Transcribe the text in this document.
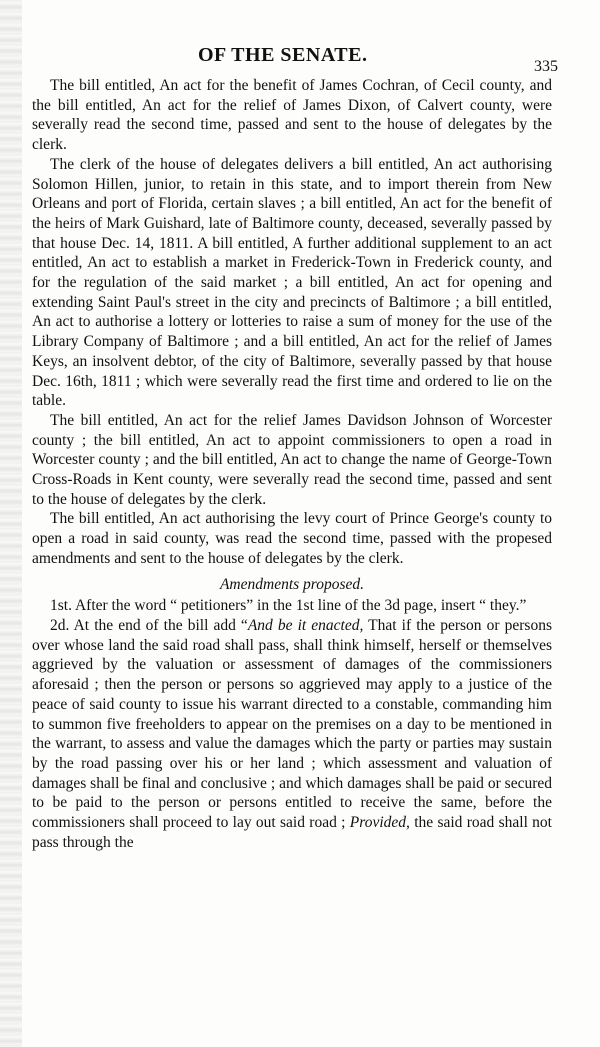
OF THE SENATE.
335

The bill entitled, An act for the benefit of James Cochran, of Cecil county, and the bill entitled, An act for the relief of James Dixon, of Calvert county, were severally read the second time, passed and sent to the house of delegates by the clerk.

The clerk of the house of delegates delivers a bill entitled, An act authorising Solomon Hillen, junior, to retain in this state, and to import therein from New Orleans and port of Florida, certain slaves ; a bill entitled, An act for the benefit of the heirs of Mark Guishard, late of Baltimore county, deceased, severally passed by that house Dec. 14, 1811. A bill entitled, A further additional supplement to an act entitled, An act to establish a market in Frederick-Town in Frederick county, and for the regulation of the said market ; a bill entitled, An act for opening and extending Saint Paul's street in the city and precincts of Baltimore ; a bill entitled, An act to authorise a lottery or lotteries to raise a sum of money for the use of the Library Company of Baltimore ; and a bill entitled, An act for the relief of James Keys, an insolvent debtor, of the city of Baltimore, severally passed by that house Dec. 16th, 1811 ; which were severally read the first time and ordered to lie on the table.

The bill entitled, An act for the relief James Davidson Johnson of Worcester county ; the bill entitled, An act to appoint commissioners to open a road in Worcester county ; and the bill entitled, An act to change the name of George-Town Cross-Roads in Kent county, were severally read the second time, passed and sent to the house of delegates by the clerk.

The bill entitled, An act authorising the levy court of Prince George's county to open a road in said county, was read the second time, passed with the propesed amendments and sent to the house of delegates by the clerk.

Amendments proposed.

1st. After the word “ petitioners” in the 1st line of the 3d page, insert “ they.”

2d. At the end of the bill add “And be it enacted, That if the person or persons over whose land the said road shall pass, shall think himself, herself or themselves aggrieved by the valuation or assessment of damages of the commissioners aforesaid ; then the person or persons so aggrieved may apply to a justice of the peace of said county to issue his warrant directed to a constable, commanding him to summon five freeholders to appear on the premises on a day to be mentioned in the warrant, to assess and value the damages which the party or parties may sustain by the road passing over his or her land ; which assessment and valuation of damages shall be final and conclusive ; and which damages shall be paid or secured to be paid to the person or persons entitled to receive the same, before the commissioners shall proceed to lay out said road ; Provided, the said road shall not pass through the
